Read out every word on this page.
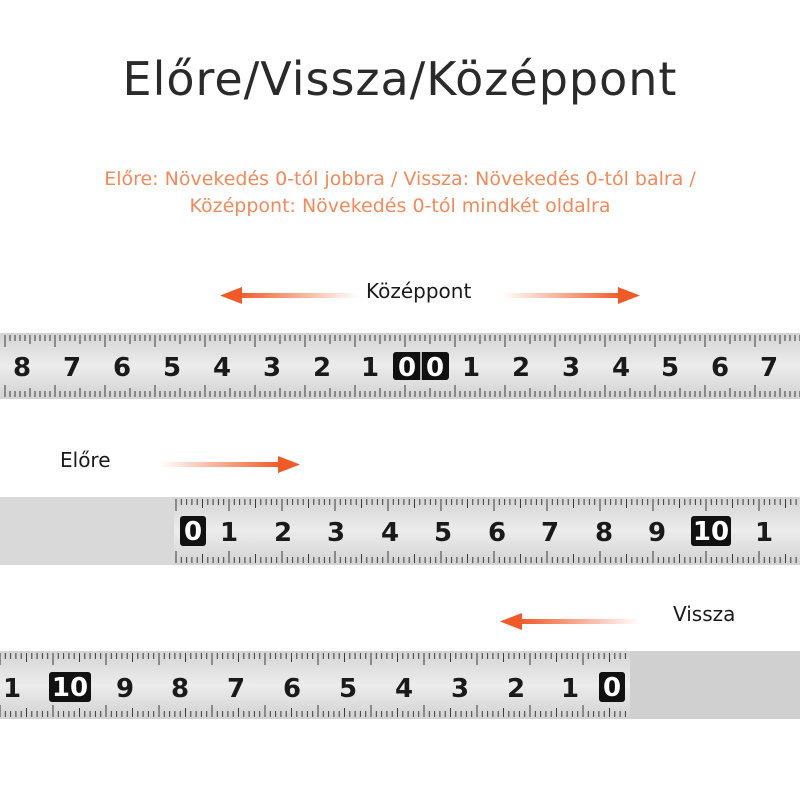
Előre/Vissza/Középpont
Előre: Növekedés 0-tól jobbra / Vissza: Növekedés 0-tól balra /
Középpont: Növekedés 0-tól mindkét oldalra
Középpont
8 7 6 5 4 3 2 1 0 0 1 2 3 4 5 6 7
Előre
0 1 2 3 4 5 6 7 8 9 10 1
Vissza
1 10 9 8 7 6 5 4 3 2 1 0
